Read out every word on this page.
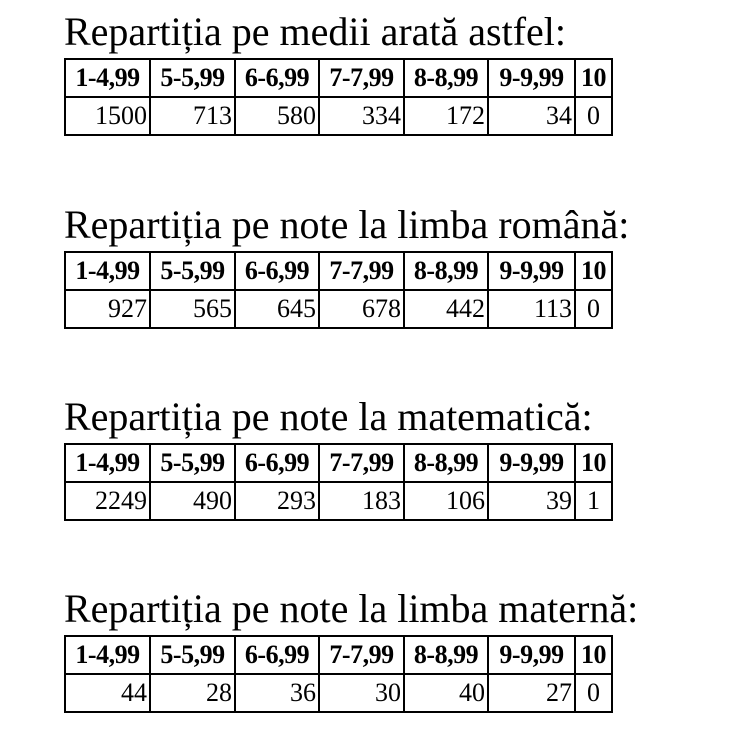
Repartiția pe medii arată astfel:
1-4,99	5-5,99	6-6,99	7-7,99	8-8,99	9-9,99	10
1500	713	580	334	172	34	0
Repartiția pe note la limba română:
1-4,99	5-5,99	6-6,99	7-7,99	8-8,99	9-9,99	10
927	565	645	678	442	113	0
Repartiția pe note la matematică:
1-4,99	5-5,99	6-6,99	7-7,99	8-8,99	9-9,99	10
2249	490	293	183	106	39	1
Repartiția pe note la limba maternă:
1-4,99	5-5,99	6-6,99	7-7,99	8-8,99	9-9,99	10
44	28	36	30	40	27	0
